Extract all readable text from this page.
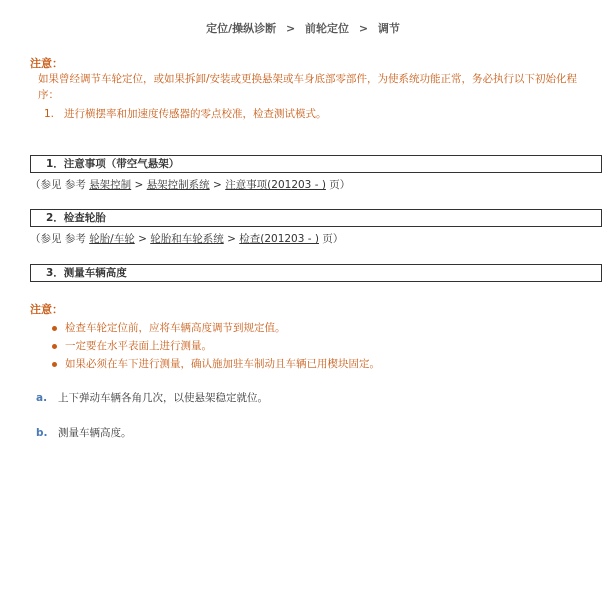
定位/操纵诊断 > 前轮定位 > 调节
注意：
如果曾经调节车轮定位，或如果拆卸/安装或更换悬架或车身底部零部件，为使系统功能正常，务必执行以下初始化程序：
1. 进行横摆率和加速度传感器的零点校准，检查测试模式。
1．注意事项（带空气悬架）
（参见 参考 悬架控制 > 悬架控制系统 > 注意事项(201203 - ) 页）
2．检查轮胎
（参见 参考 轮胎/车轮 > 轮胎和车轮系统 > 检查(201203 - ) 页）
3．测量车辆高度
注意：
检查车轮定位前，应将车辆高度调节到规定值。
一定要在水平表面上进行测量。
如果必须在车下进行测量，确认施加驻车制动且车辆已用楔块固定。
a. 上下弹动车辆各角几次，以使悬架稳定就位。
b. 测量车辆高度。
